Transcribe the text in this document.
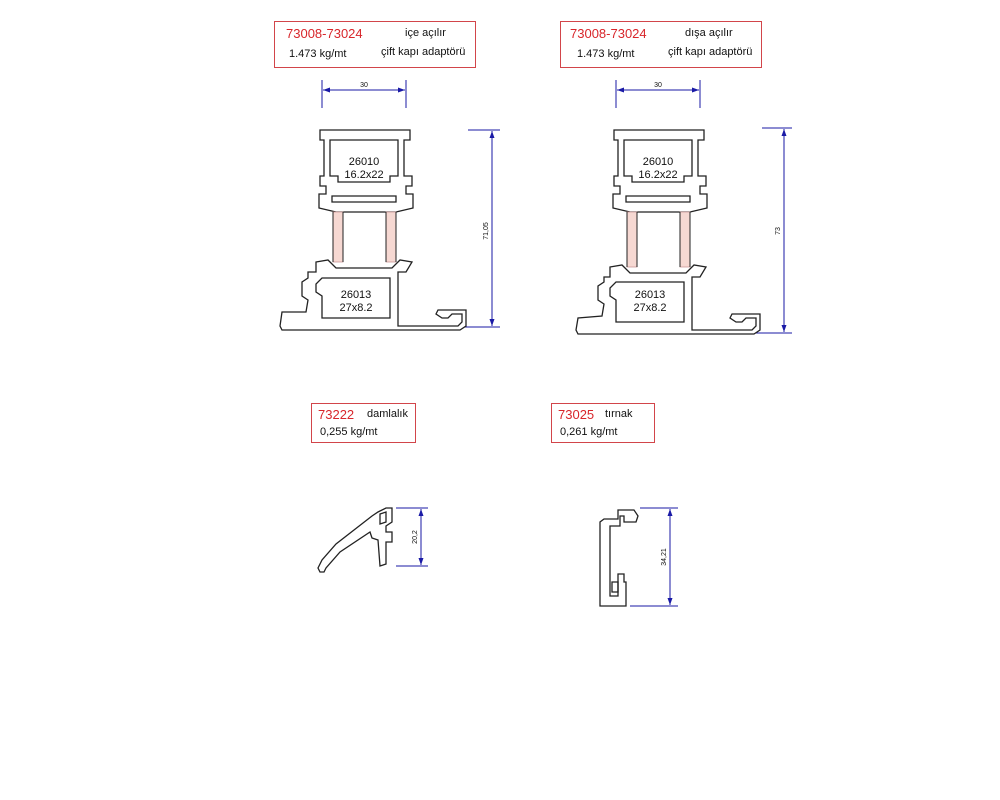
73008-73024	içe açılır
1.473 kg/mt	çift kapı adaptörü
73008-73024	dışa açılır
1.473 kg/mt	çift kapı adaptörü
73222 damlalık
0,255 kg/mt
73025 tırnak
0,261 kg/mt
30
71,05
26010
16.2x22
26013
27x8.2
30
73
26010
16.2x22
26013
27x8.2
20,2
34,21
